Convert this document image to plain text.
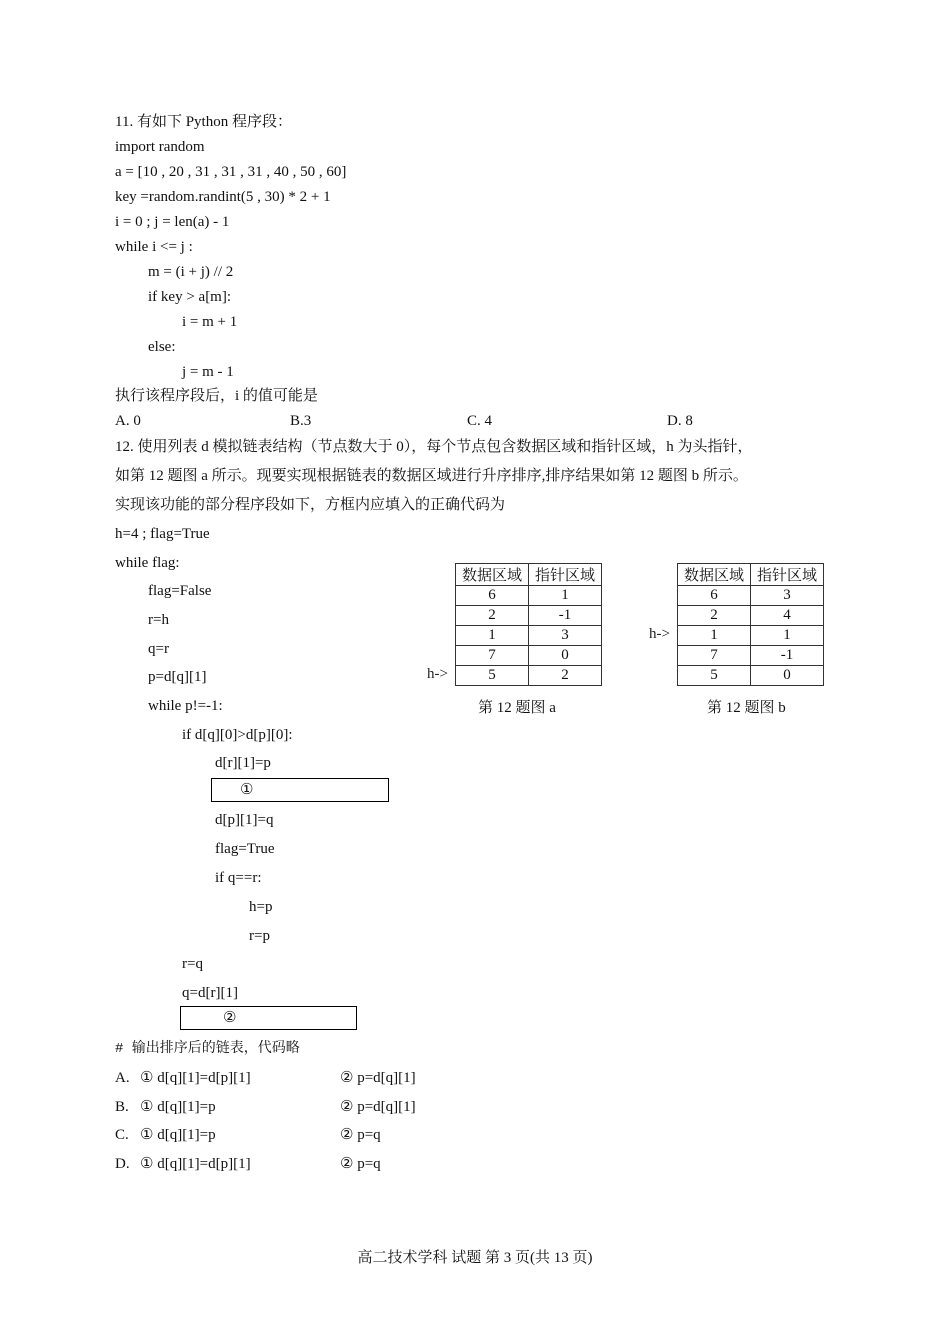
11. 有如下 Python 程序段：
import random
a = [10 , 20 , 31 , 31 , 31 , 40 , 50 , 60]
key =random.randint(5 , 30) * 2 + 1
i = 0 ; j = len(a) - 1
while i <= j :
m = (i + j) // 2
if key > a[m]:
i = m + 1
else:
j = m - 1
执行该程序段后，i 的值可能是
A. 0	B.3	C. 4	D. 8
12. 使用列表 d 模拟链表结构（节点数大于 0），每个节点包含数据区域和指针区域，h 为头指针，
如第 12 题图 a 所示。现要实现根据链表的数据区域进行升序排序,排序结果如第 12 题图 b 所示。
实现该功能的部分程序段如下，方框内应填入的正确代码为
h=4 ; flag=True
while flag:
flag=False
r=h
q=r
p=d[q][1]
while p!=-1:
if d[q][0]>d[p][0]:
d[r][1]=p
①
d[p][1]=q
flag=True
if q==r:
h=p
r=p
r=q
q=d[r][1]
②
# 输出排序后的链表，代码略
数据区域	指针区域
6	1
2	-1
1	3
7	0
5	2
h->
第 12 题图 a
数据区域	指针区域
6	3
2	4
1	1
7	-1
5	0
h->
第 12 题图 b
A. ① d[q][1]=d[p][1]	② p=d[q][1]
B. ① d[q][1]=p	② p=d[q][1]
C. ① d[q][1]=p	② p=q
D. ① d[q][1]=d[p][1]	② p=q
高二技术学科 试题 第 3 页(共 13 页)
